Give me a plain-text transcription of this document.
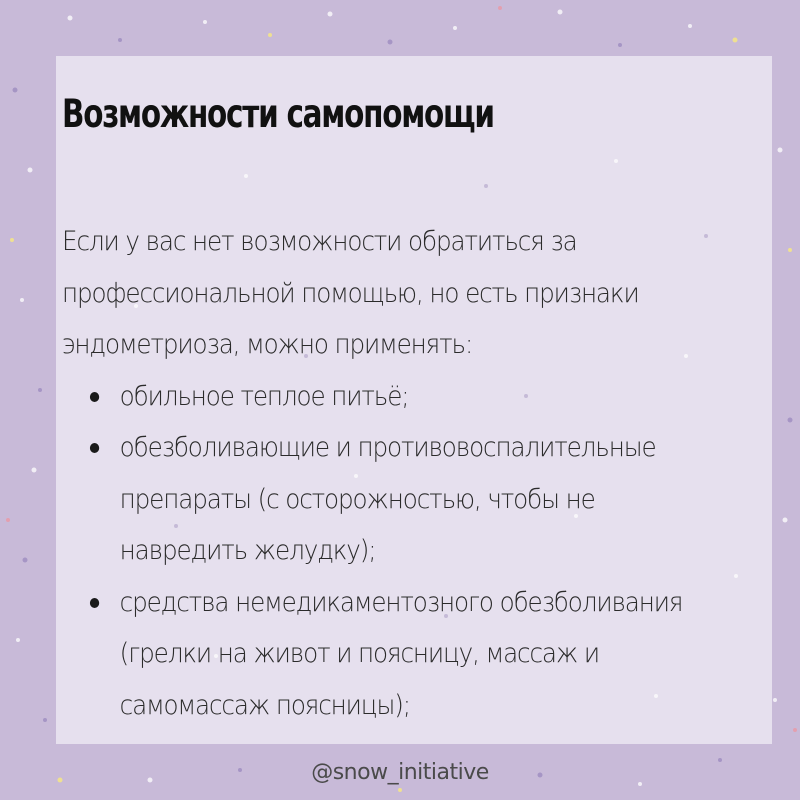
Возможности самопомощи

Если у вас нет возможности обратиться за профессиональной помощью, но есть признаки эндометриоза, можно применять:

обильное теплое питьё;
обезболивающие и противовоспалительные препараты (с осторожностью, чтобы не навредить желудку);
средства немедикаментозного обезболивания (грелки на живот и поясницу, массаж и самомассаж поясницы);
@snow_initiative
